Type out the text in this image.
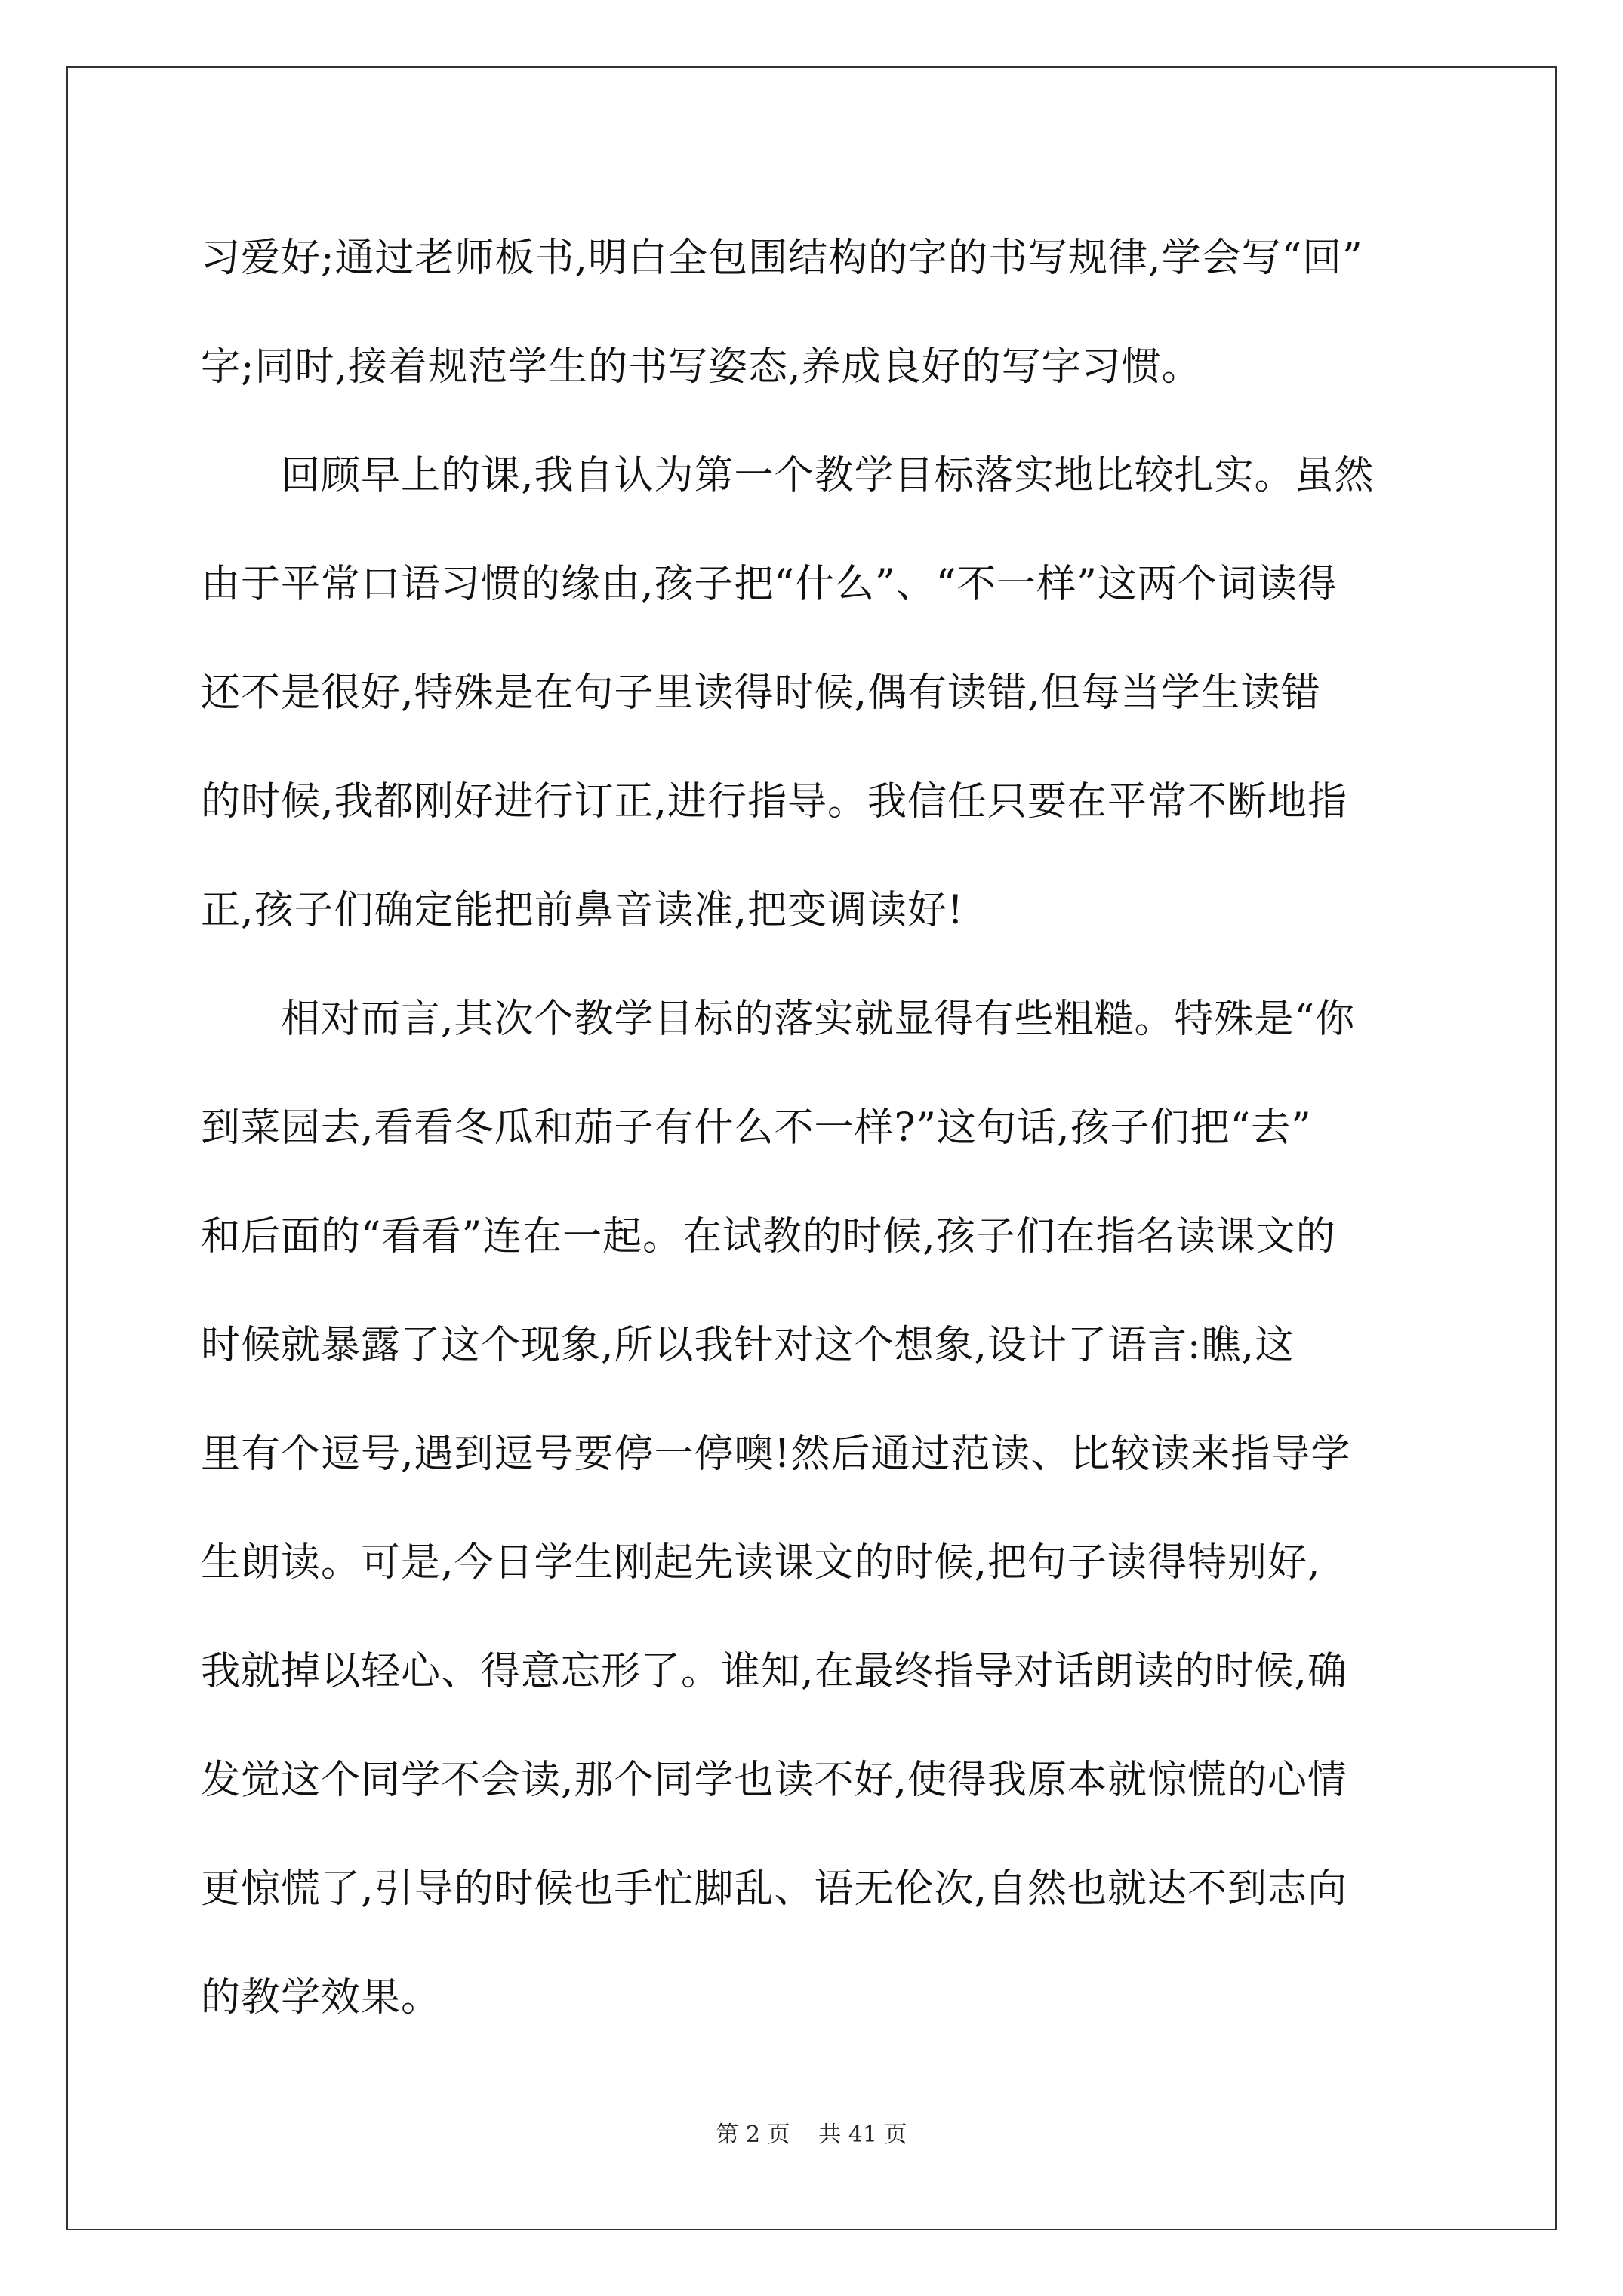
习爱好;通过老师板书,明白全包围结构的字的书写规律,学会写“回”
字;同时,接着规范学生的书写姿态,养成良好的写字习惯。
　　回顾早上的课,我自认为第一个教学目标落实地比较扎实。虽然
由于平常口语习惯的缘由,孩子把“什么”、“不一样”这两个词读得
还不是很好,特殊是在句子里读得时候,偶有读错,但每当学生读错
的时候,我都刚好进行订正,进行指导。我信任只要在平常不断地指
正,孩子们确定能把前鼻音读准,把变调读好!
　　相对而言,其次个教学目标的落实就显得有些粗糙。特殊是“你
到菜园去,看看冬瓜和茄子有什么不一样?”这句话,孩子们把“去”
和后面的“看看”连在一起。在试教的时候,孩子们在指名读课文的
时候就暴露了这个现象,所以我针对这个想象,设计了语言:瞧,这
里有个逗号,遇到逗号要停一停噢!然后通过范读、比较读来指导学
生朗读。可是,今日学生刚起先读课文的时候,把句子读得特别好,
我就掉以轻心、得意忘形了。谁知,在最终指导对话朗读的时候,确
发觉这个同学不会读,那个同学也读不好,使得我原本就惊慌的心情
更惊慌了,引导的时候也手忙脚乱、语无伦次,自然也就达不到志向
的教学效果。
第 2 页 共 41 页
